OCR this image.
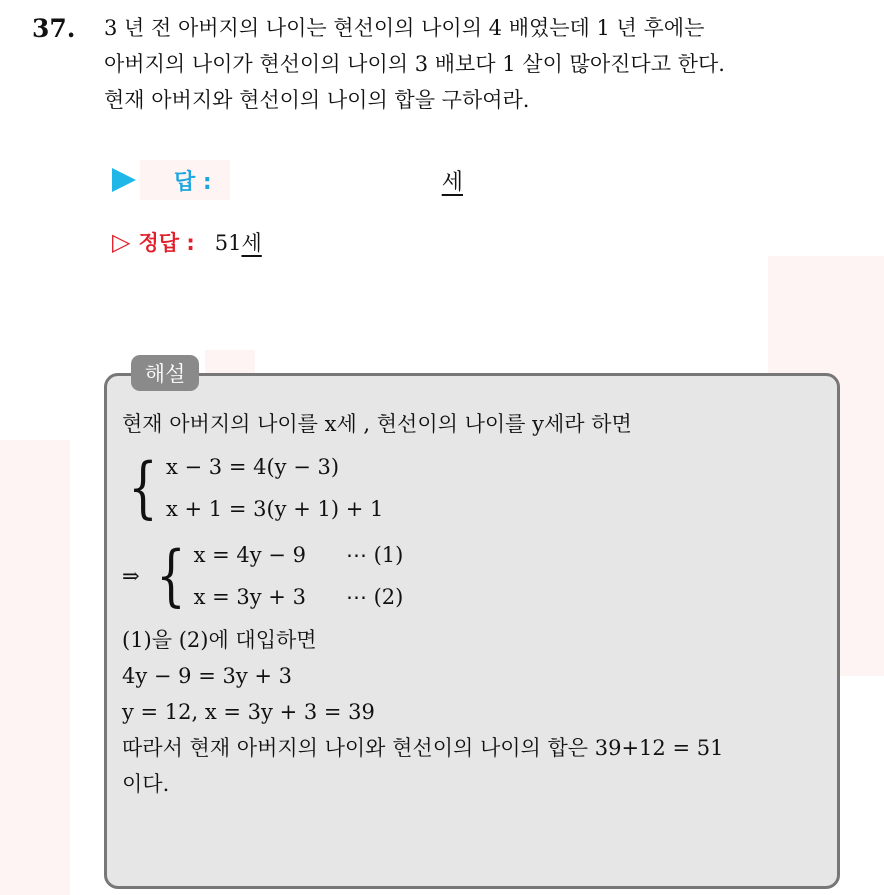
37. 3 년 전 아버지의 나이는 현선이의 나이의 4 배였는데 1 년 후에는
아버지의 나이가 현선이의 나이의 3 배보다 1 살이 많아진다고 한다.
현재 아버지와 현선이의 나이의 합을 구하여라.
답 :	세
▷ 정답 : 51세
해설
현재 아버지의 나이를 x세 , 현선이의 나이를 y세라 하면
{ x − 3 = 4(y − 3)
x + 1 = 3(y + 1) + 1
⇒ { x = 4y − 9 ⋯ (1)
x = 3y + 3 ⋯ (2)
(1)을 (2)에 대입하면
4y − 9 = 3y + 3
y = 12, x = 3y + 3 = 39
따라서 현재 아버지의 나이와 현선이의 나이의 합은 39+12 = 51
이다.
